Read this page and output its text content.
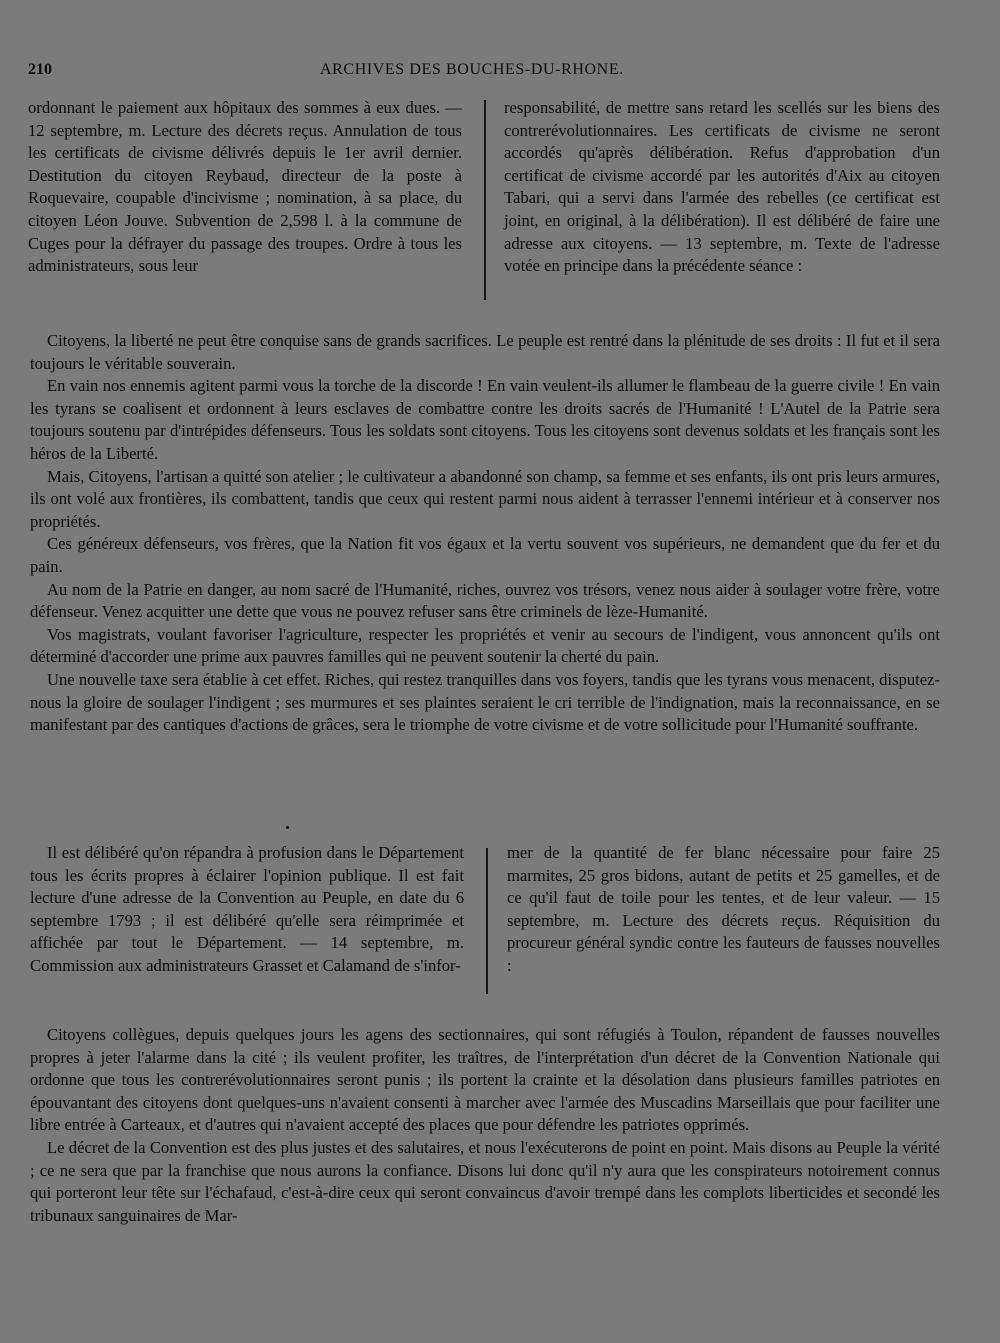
210	ARCHIVES DES BOUCHES-DU-RHONE.

ordonnant le paiement aux hôpitaux des sommes à eux dues. — 12 septembre, m. Lecture des décrets reçus. Annulation de tous les certificats de civisme délivrés depuis le 1er avril dernier. Destitution du citoyen Reybaud, directeur de la poste à Roquevaire, coupable d'incivisme ; nomination, à sa place, du citoyen Léon Jouve. Subvention de 2,598 l. à la commune de Cuges pour la défrayer du passage des troupes. Ordre à tous les administrateurs, sous leur

responsabilité, de mettre sans retard les scellés sur les biens des contrerévolutionnaires. Les certificats de civisme ne seront accordés qu'après délibération. Refus d'approbation d'un certificat de civisme accordé par les autorités d'Aix au citoyen Tabari, qui a servi dans l'armée des rebelles (ce certificat est joint, en original, à la délibération). Il est délibéré de faire une adresse aux citoyens. — 13 septembre, m. Texte de l'adresse votée en principe dans la précédente séance :

Citoyens, la liberté ne peut être conquise sans de grands sacrifices. Le peuple est rentré dans la plénitude de ses droits : Il fut et il sera toujours le véritable souverain.

En vain nos ennemis agitent parmi vous la torche de la discorde ! En vain veulent-ils allumer le flambeau de la guerre civile ! En vain les tyrans se coalisent et ordonnent à leurs esclaves de combattre contre les droits sacrés de l'Humanité ! L'Autel de la Patrie sera toujours soutenu par d'intrépides défenseurs. Tous les soldats sont citoyens. Tous les citoyens sont devenus soldats et les français sont les héros de la Liberté.

Mais, Citoyens, l'artisan a quitté son atelier ; le cultivateur a abandonné son champ, sa femme et ses enfants, ils ont pris leurs armures, ils ont volé aux frontières, ils combattent, tandis que ceux qui restent parmi nous aident à terrasser l'ennemi intérieur et à conserver nos propriétés.

Ces généreux défenseurs, vos frères, que la Nation fit vos égaux et la vertu souvent vos supérieurs, ne demandent que du fer et du pain.

Au nom de la Patrie en danger, au nom sacré de l'Humanité, riches, ouvrez vos trésors, venez nous aider à soulager votre frère, votre défenseur. Venez acquitter une dette que vous ne pouvez refuser sans être criminels de lèze-Humanité.

Vos magistrats, voulant favoriser l'agriculture, respecter les propriétés et venir au secours de l'indigent, vous annoncent qu'ils ont déterminé d'accorder une prime aux pauvres familles qui ne peuvent soutenir la cherté du pain.

Une nouvelle taxe sera établie à cet effet. Riches, qui restez tranquilles dans vos foyers, tandis que les tyrans vous menacent, disputez-nous la gloire de soulager l'indigent ; ses murmures et ses plaintes seraient le cri terrible de l'indignation, mais la reconnaissance, en se manifestant par des cantiques d'actions de grâces, sera le triomphe de votre civisme et de votre sollicitude pour l'Humanité souffrante.

Il est délibéré qu'on répandra à profusion dans le Département tous les écrits propres à éclairer l'opinion publique. Il est fait lecture d'une adresse de la Convention au Peuple, en date du 6 septembre 1793 ; il est délibéré qu'elle sera réimprimée et affichée par tout le Département. — 14 septembre, m. Commission aux administrateurs Grasset et Calamand de s'infor-

mer de la quantité de fer blanc nécessaire pour faire 25 marmites, 25 gros bidons, autant de petits et 25 gamelles, et de ce qu'il faut de toile pour les tentes, et de leur valeur. — 15 septembre, m. Lecture des décrets reçus. Réquisition du procureur général syndic contre les fauteurs de fausses nouvelles :

Citoyens collègues, depuis quelques jours les agens des sectionnaires, qui sont réfugiés à Toulon, répandent de fausses nouvelles propres à jeter l'alarme dans la cité ; ils veulent profiter, les traîtres, de l'interprétation d'un décret de la Convention Nationale qui ordonne que tous les contrerévolutionnaires seront punis ; ils portent la crainte et la désolation dans plusieurs familles patriotes en épouvantant des citoyens dont quelques-uns n'avaient consenti à marcher avec l'armée des Muscadins Marseillais que pour faciliter une libre entrée à Carteaux, et d'autres qui n'avaient accepté des places que pour défendre les patriotes opprimés.

Le décret de la Convention est des plus justes et des salutaires, et nous l'exécuterons de point en point. Mais disons au Peuple la vérité ; ce ne sera que par la franchise que nous aurons la confiance. Disons lui donc qu'il n'y aura que les conspirateurs notoirement connus qui porteront leur tête sur l'échafaud, c'est-à-dire ceux qui seront convaincus d'avoir trempé dans les complots liberticides et secondé les tribunaux sanguinaires de Mar-
